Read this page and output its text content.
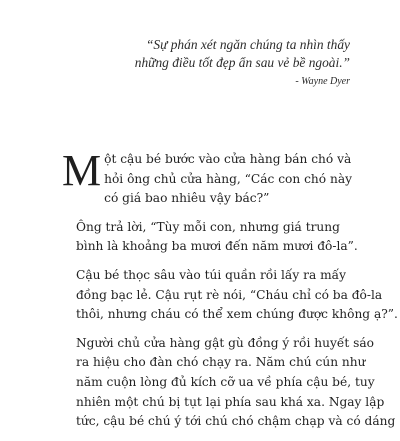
“Sự phán xét ngăn chúng ta nhìn thấy

những điều tốt đẹp ẩn sau vẻ bề ngoài.”

- Wayne Dyer

M ột cậu bé bước vào cửa hàng bán chó và
hỏi ông chủ cửa hàng, “Các con chó này
có giá bao nhiêu vậy bác?”

Ông trả lời, “Tùy mỗi con, nhưng giá trung
bình là khoảng ba mươi đến năm mươi đô-la”.

Cậu bé thọc sâu vào túi quần rồi lấy ra mấy
đồng bạc lẻ. Cậu rụt rè nói, “Cháu chỉ có ba đô-la
thôi, nhưng cháu có thể xem chúng được không ạ?”.

Người chủ cửa hàng gật gù đồng ý rồi huyết sáo
ra hiệu cho đàn chó chạy ra. Năm chú cún như
năm cuộn lòng đủ kích cỡ ua về phía cậu bé, tuy
nhiên một chú bị tụt lại phía sau khá xa. Ngay lập
tức, cậu bé chú ý tới chú chó chậm chạp và có dáng
